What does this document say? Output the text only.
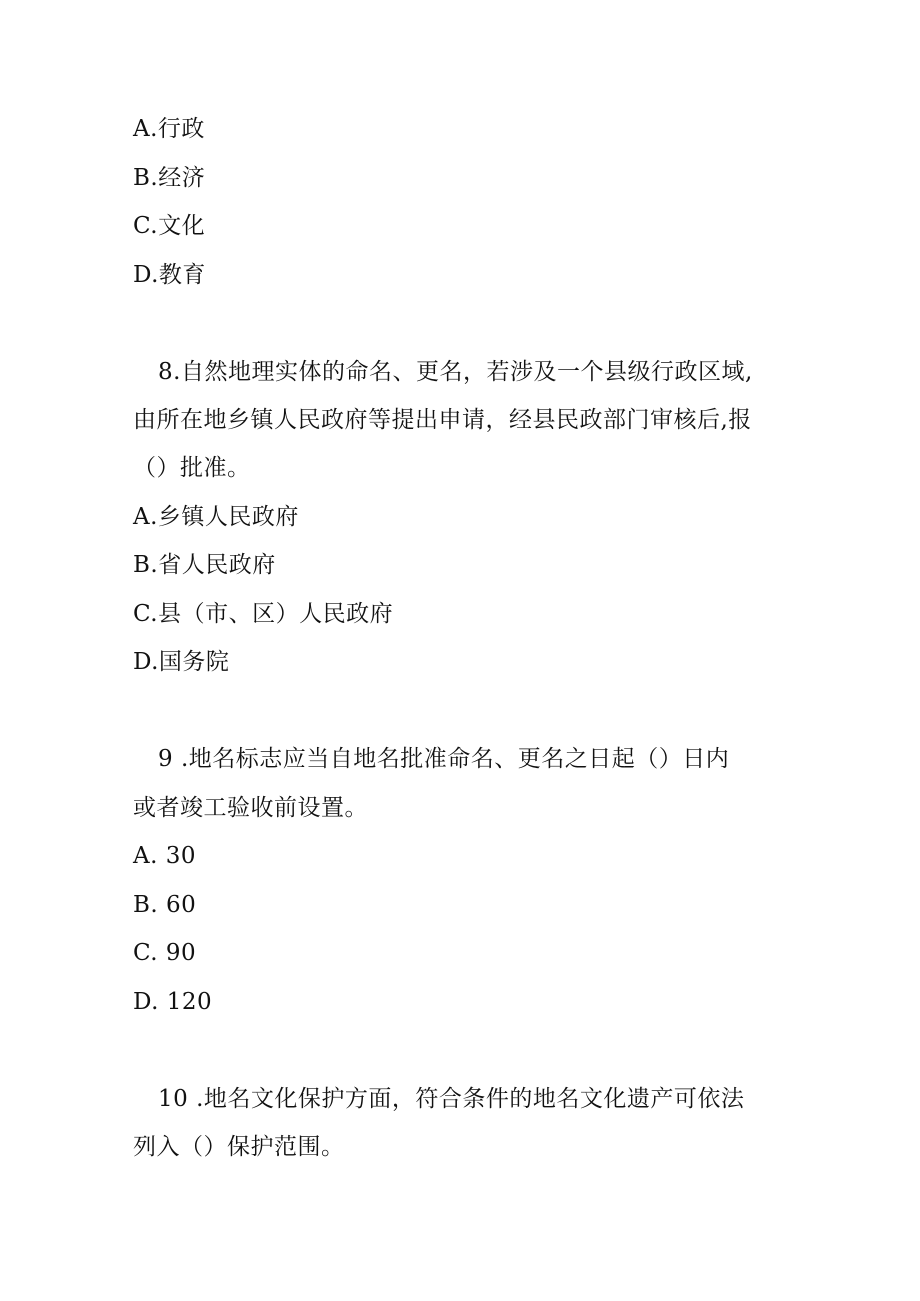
A.行政
B.经济
C.文化
D.教育
8.自然地理实体的命名、更名，若涉及一个县级行政区域,
由所在地乡镇人民政府等提出申请，经县民政部门审核后,报
（）批准。
A.乡镇人民政府
B.省人民政府
C.县（市、区）人民政府
D.国务院
9 .地名标志应当自地名批准命名、更名之日起（）日内
或者竣工验收前设置。
A. 30
B. 60
C. 90
D. 120
10 .地名文化保护方面，符合条件的地名文化遗产可依法
列入（）保护范围。
